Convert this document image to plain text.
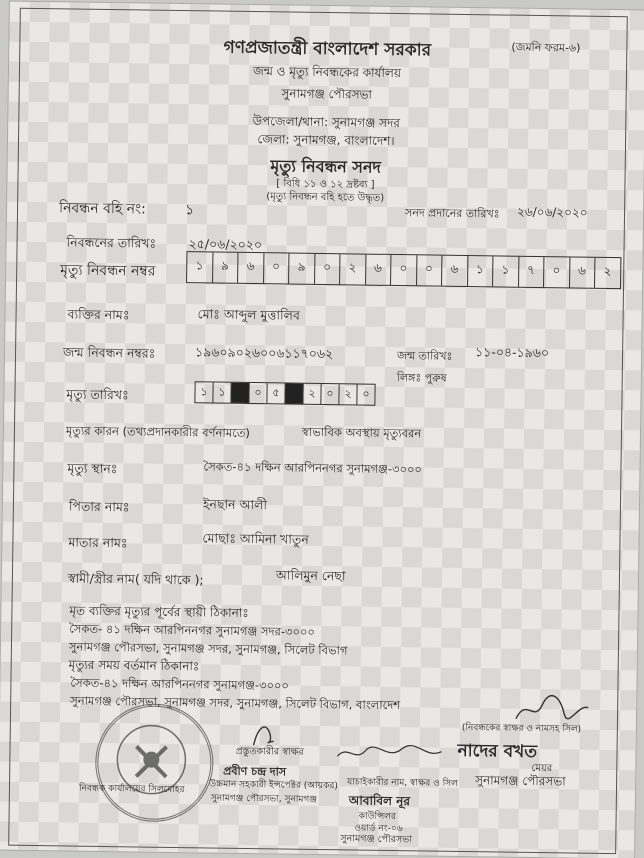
গণপ্রজাতন্ত্রী বাংলাদেশ সরকার	(জমনি ফরম-৬)
জন্ম ও মৃত্যু নিবন্ধকের কার্যালয়
সুনামগঞ্জ পৌরসভা
উপজেলা/থানা: সুনামগঞ্জ সদর
জেলা: সুনামগঞ্জ, বাংলাদেশ।
মৃত্যু নিবন্ধন সনদ
[ বিধি ১১ ও ১২ দ্রষ্টব্য ]
(মৃত্যু নিবন্ধন বহি হতে উদ্ধৃত)
নিবন্ধন বহি নং:	১	সনদ প্রদানের তারিখঃ ২৬/০৬/২০২০
নিবন্ধনের তারিখঃ	২৫/০৬/২০২০
মৃত্যু নিবন্ধন নম্বর	১	৯	৬	০	৯	০	২	৬	০	০	৬	১	১	৭	০	৬	২
ব্যক্তির নামঃ	মোঃ আব্দুল মুত্তালিব
জন্ম নিবন্ধন নম্বরঃ	১৯৬০৯০২৬০০৬১১৭০৬২	জন্ম তারিখঃ ১১-০৪-১৯৬০
লিঙ্গঃ পুরুষ
মৃত্যু তারিখঃ	১ ১	০ ৫	২ ০ ২ ০
মৃত্যুর কারন (তথ্যপ্রদানকারীর বর্ণনামতে)	স্বাভাবিক অবস্থায় মৃত্যুবরন
মৃত্যু স্থানঃ	সৈকত-৪১ দক্ষিন আরপিননগর সুনামগঞ্জ-৩০০০
পিতার নামঃ	ইনছান আলী
মাতার নামঃ	মোছাঃ আমিনা খাতুন
স্বামী/স্ত্রীর নাম( যদি থাকে );	আলিমুন নেছা
মৃত ব্যক্তির মৃত্যুর পূর্বের স্থায়ী ঠিকানাঃ
সৈকত- ৪১ দক্ষিন আরপিননগর সুনামগঞ্জ সদর-৩০০০
সুনামগঞ্জ পৌরসভা, সুনামগঞ্জ সদর, সুনামগঞ্জ, সিলেট বিভাগ
মৃত্যুর সময় বর্তমান ঠিকানাঃ
সৈকত-৪১ দক্ষিন আরপিননগর সুনামগঞ্জ-৩০০০
সুনামগঞ্জ পৌরসভা, সুনামগঞ্জ সদর, সুনামগঞ্জ, সিলেট বিভাগ, বাংলাদেশ
(নিবন্ধকের স্বাক্ষর ও নামসহ সিল)
প্রস্তুতকারীর স্বাক্ষর
প্রবীণ চন্দ্র দাস
উচ্চমান সহকারী ইন্সপেক্টর (আয়কর)
সুনামগঞ্জ পৌরসভা, সুনামগঞ্জ
নিবন্ধক কার্যালয়ের সিলমোহর
যাচাইকারীর নাম, স্বাক্ষর ও সিল
নাদের বখত
মেয়র
সুনামগঞ্জ পৌরসভা
আবাবিল নূর
কাউন্সিলর
ওয়ার্ড নং-০৬
সুনামগঞ্জ পৌরসভা
